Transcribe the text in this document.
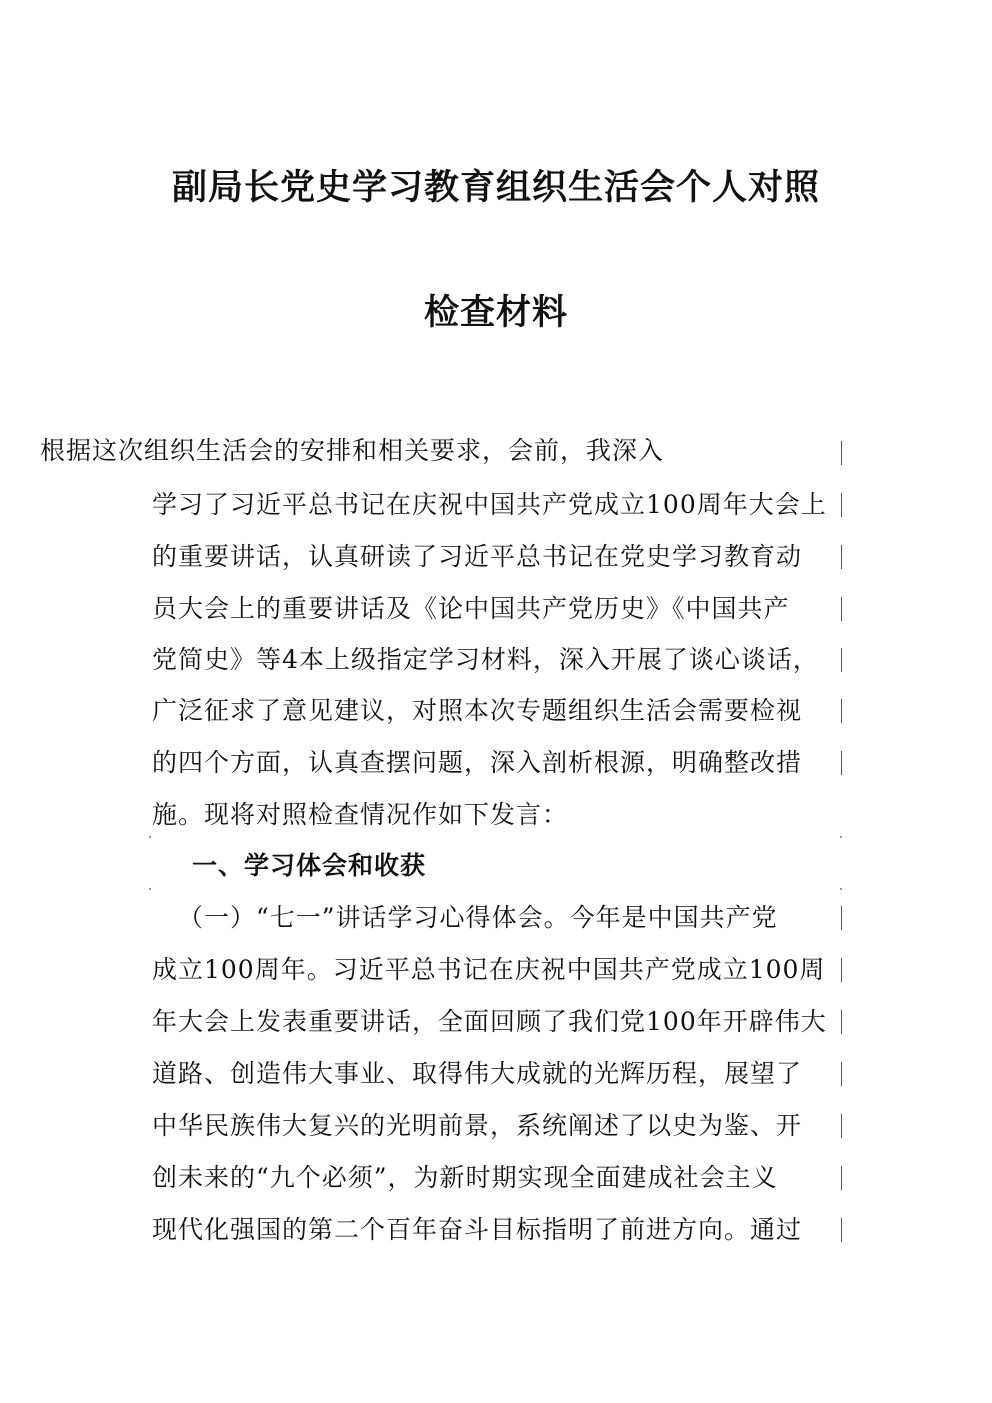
副局长党史学习教育组织生活会个人对照
检查材料
根据这次组织生活会的安排和相关要求，会前，我深入
学习了习近平总书记在庆祝中国共产党成立100周年大会上
的重要讲话，认真研读了习近平总书记在党史学习教育动
员大会上的重要讲话及《论中国共产党历史》《中国共产
党简史》等4本上级指定学习材料，深入开展了谈心谈话，
广泛征求了意见建议，对照本次专题组织生活会需要检视
的四个方面，认真查摆问题，深入剖析根源，明确整改措
施。现将对照检查情况作如下发言：
一、学习体会和收获
（一）“七一”讲话学习心得体会。今年是中国共产党
成立100周年。习近平总书记在庆祝中国共产党成立100周
年大会上发表重要讲话，全面回顾了我们党100年开辟伟大
道路、创造伟大事业、取得伟大成就的光辉历程，展望了
中华民族伟大复兴的光明前景，系统阐述了以史为鉴、开
创未来的“九个必须”，为新时期实现全面建成社会主义
现代化强国的第二个百年奋斗目标指明了前进方向。通过
